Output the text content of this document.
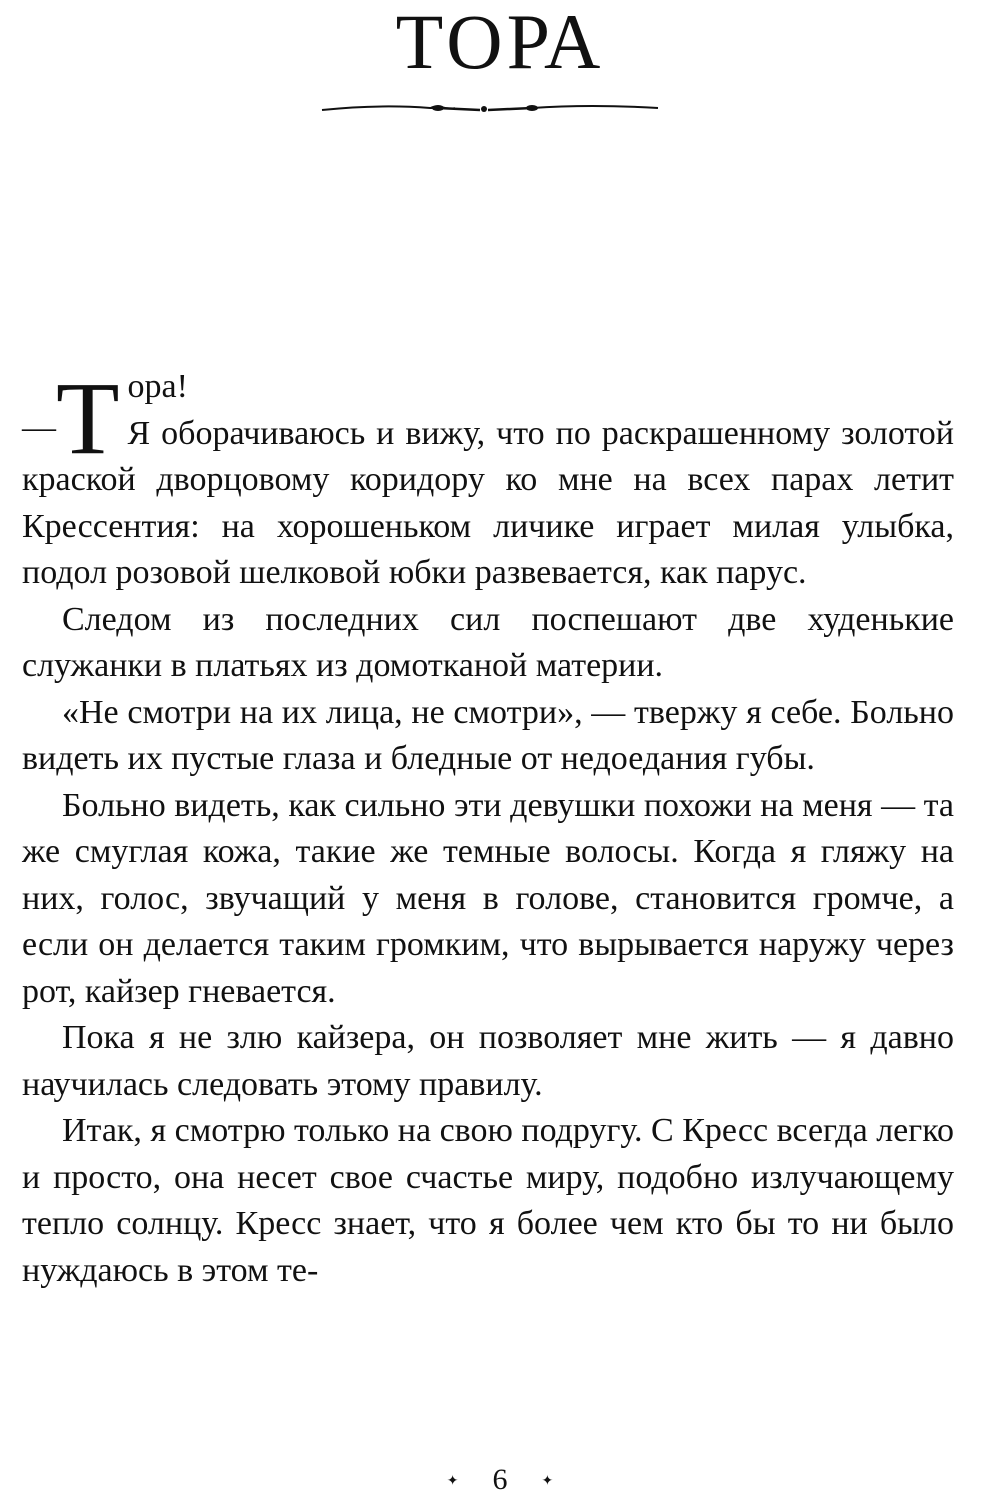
ТОРА

— Т ора!
Я оборачиваюсь и вижу, что по раскрашенному золотой краской дворцовому коридору ко мне на всех парах летит Крессентия: на хорошеньком личике играет милая улыбка, подол розовой шелковой юбки развевается, как парус.

Следом из последних сил поспешают две худенькие служанки в платьях из домотканой материи.

«Не смотри на их лица, не смотри», — твержу я себе. Больно видеть их пустые глаза и бледные от недоедания губы.

Больно видеть, как сильно эти девушки похожи на меня — та же смуглая кожа, такие же темные волосы. Когда я гляжу на них, голос, звучащий у меня в голове, становится громче, а если он делается таким громким, что вырывается наружу через рот, кайзер гневается.

Пока я не злю кайзера, он позволяет мне жить — я давно научилась следовать этому правилу.

Итак, я смотрю только на свою подругу. С Кресс всегда легко и просто, она несет свое счастье миру, подобно излучающему тепло солнцу. Кресс знает, что я более чем кто бы то ни было нуждаюсь в этом те-

✦ 6 ✦
